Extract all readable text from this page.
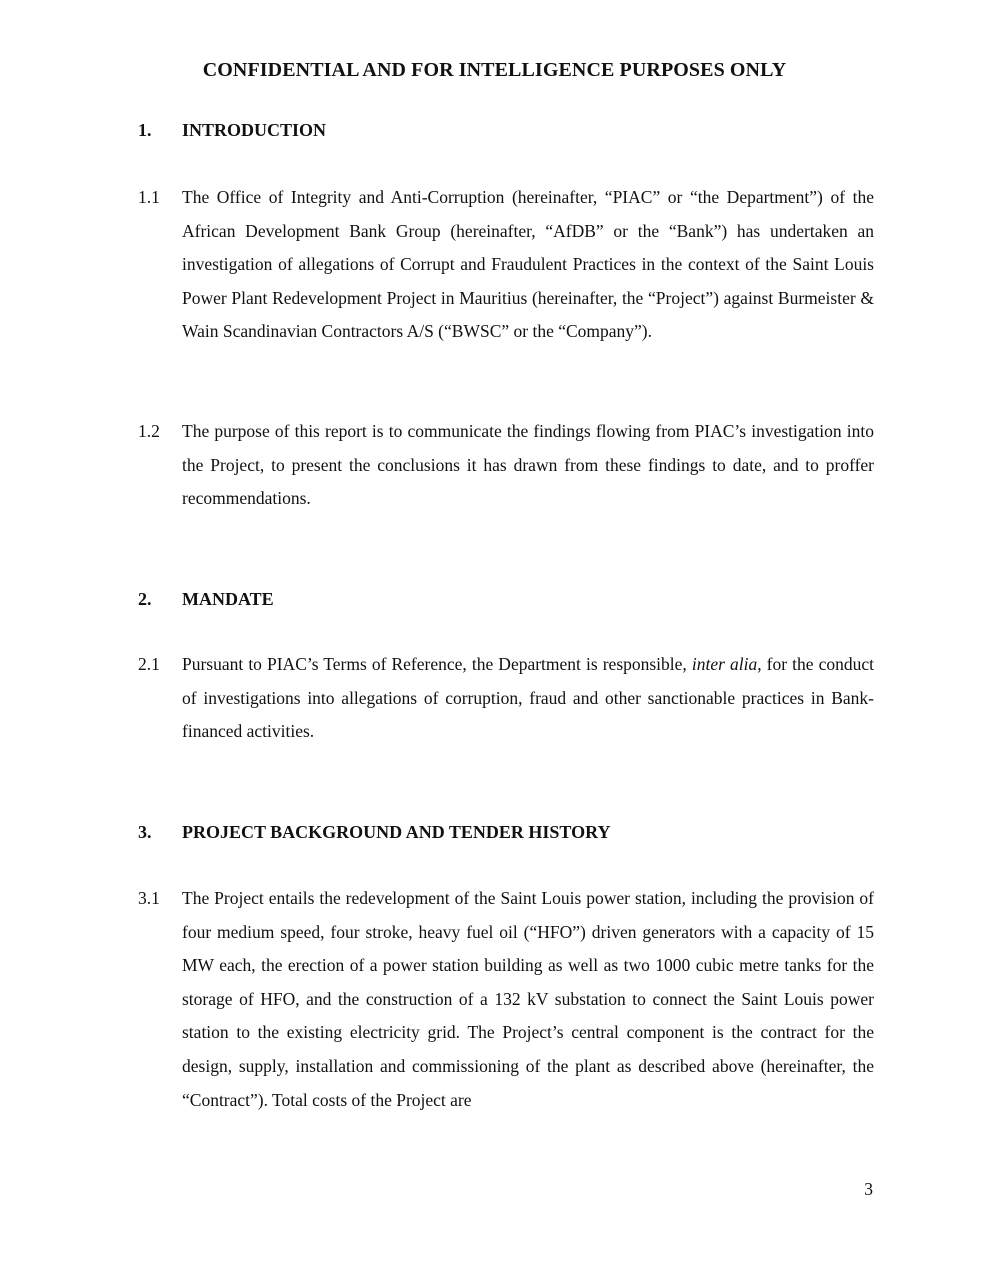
CONFIDENTIAL AND FOR INTELLIGENCE PURPOSES ONLY
1. INTRODUCTION
1.1 The Office of Integrity and Anti-Corruption (hereinafter, “PIAC” or “the Department”) of the African Development Bank Group (hereinafter, “AfDB” or the “Bank”) has undertaken an investigation of allegations of Corrupt and Fraudulent Practices in the context of the Saint Louis Power Plant Redevelopment Project in Mauritius (hereinafter, the “Project”) against Burmeister & Wain Scandinavian Contractors A/S (“BWSC” or the “Company”).
1.2 The purpose of this report is to communicate the findings flowing from PIAC’s investigation into the Project, to present the conclusions it has drawn from these findings to date, and to proffer recommendations.
2. MANDATE
2.1 Pursuant to PIAC’s Terms of Reference, the Department is responsible, inter alia, for the conduct of investigations into allegations of corruption, fraud and other sanctionable practices in Bank-financed activities.
3. PROJECT BACKGROUND AND TENDER HISTORY
3.1 The Project entails the redevelopment of the Saint Louis power station, including the provision of four medium speed, four stroke, heavy fuel oil (“HFO”) driven generators with a capacity of 15 MW each, the erection of a power station building as well as two 1000 cubic metre tanks for the storage of HFO, and the construction of a 132 kV substation to connect the Saint Louis power station to the existing electricity grid. The Project’s central component is the contract for the design, supply, installation and commissioning of the plant as described above (hereinafter, the “Contract”). Total costs of the Project are
3
